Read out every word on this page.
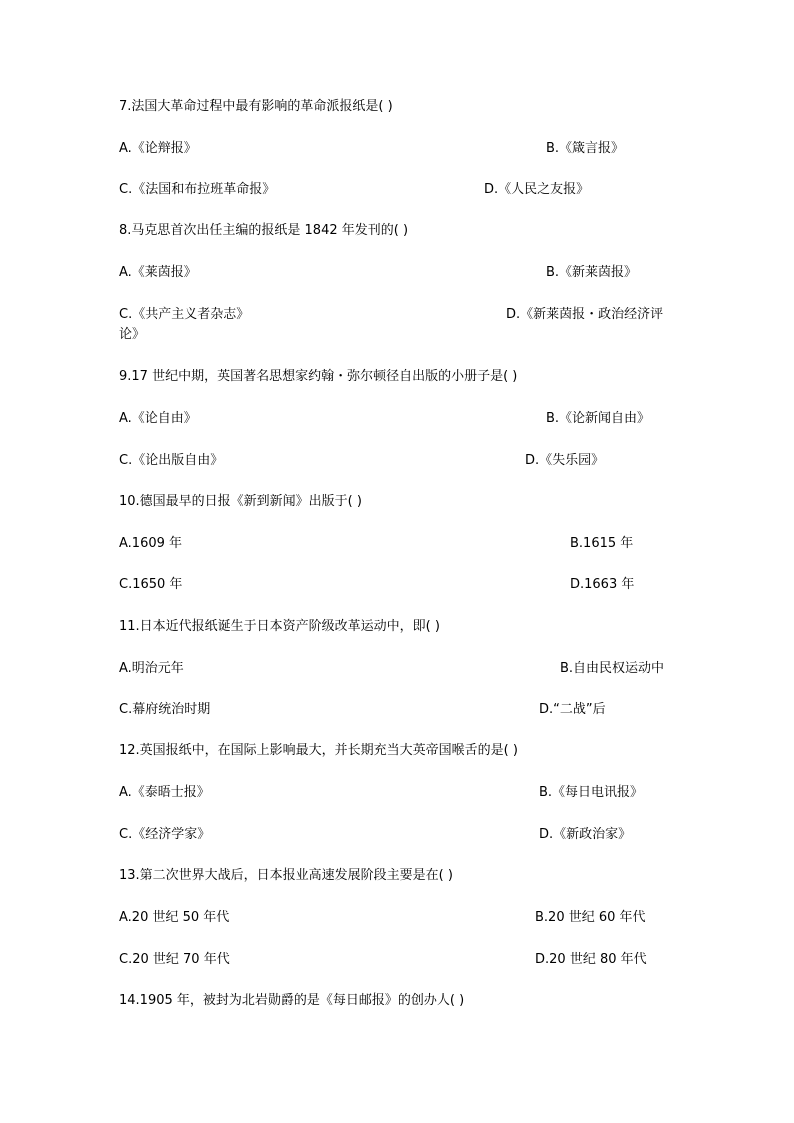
7.法国大革命过程中最有影响的革命派报纸是( )
A.《论辩报》	B.《箴言报》
C.《法国和布拉班革命报》	D.《人民之友报》
8.马克思首次出任主编的报纸是 1842 年发刊的( )
A.《莱茵报》	B.《新莱茵报》
C.《共产主义者杂志》	D.《新莱茵报・政治经济评
论》
9.17 世纪中期，英国著名思想家约翰・弥尔顿径自出版的小册子是( )
A.《论自由》	B.《论新闻自由》
C.《论出版自由》	D.《失乐园》
10.德国最早的日报《新到新闻》出版于( )
A.1609 年	B.1615 年
C.1650 年	D.1663 年
11.日本近代报纸诞生于日本资产阶级改革运动中，即( )
A.明治元年	B.自由民权运动中
C.幕府统治时期	D.“二战”后
12.英国报纸中，在国际上影响最大，并长期充当大英帝国喉舌的是( )
A.《泰晤士报》	B.《每日电讯报》
C.《经济学家》	D.《新政治家》
13.第二次世界大战后，日本报业高速发展阶段主要是在( )
A.20 世纪 50 年代	B.20 世纪 60 年代
C.20 世纪 70 年代	D.20 世纪 80 年代
14.1905 年，被封为北岩勋爵的是《每日邮报》的创办人( )
